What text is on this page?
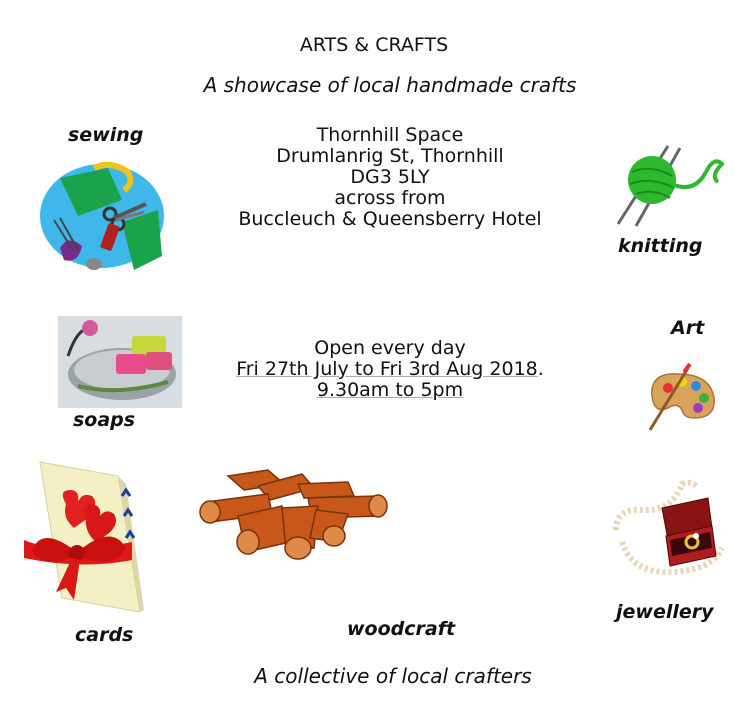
ARTS & CRAFTS
A showcase of local handmade crafts
Thornhill Space
Drumlanrig St, Thornhill
DG3 5LY
across from
Buccleuch & Queensberry Hotel
Open every day
Fri 27th July to Fri 3rd Aug 2018.
9.30am to 5pm
sewing
knitting
soaps
Art
cards	woodcraft
jewellery
A collective of local crafters
